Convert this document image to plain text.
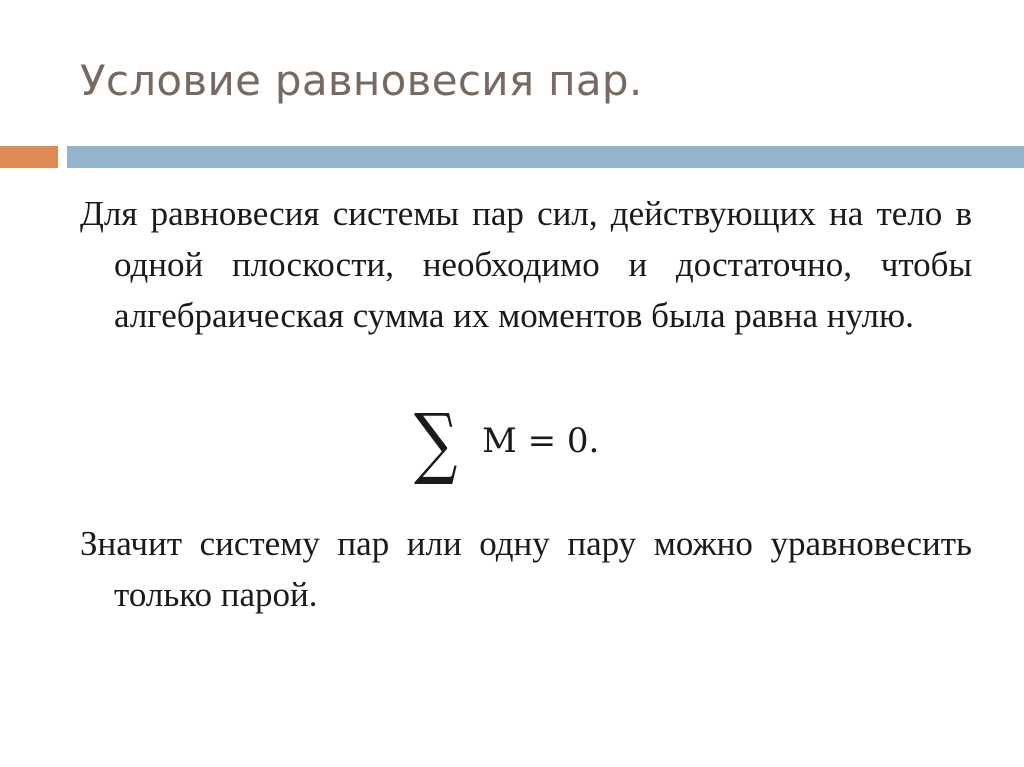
Условие равновесия пар.
Для равновесия системы пар сил, действующих на тело в одной плоскости, необходимо и достаточно, чтобы алгебраическая сумма их моментов была равна нулю.
∑ M = 0.
Значит систему пар или одну пару можно уравновесить только парой.
